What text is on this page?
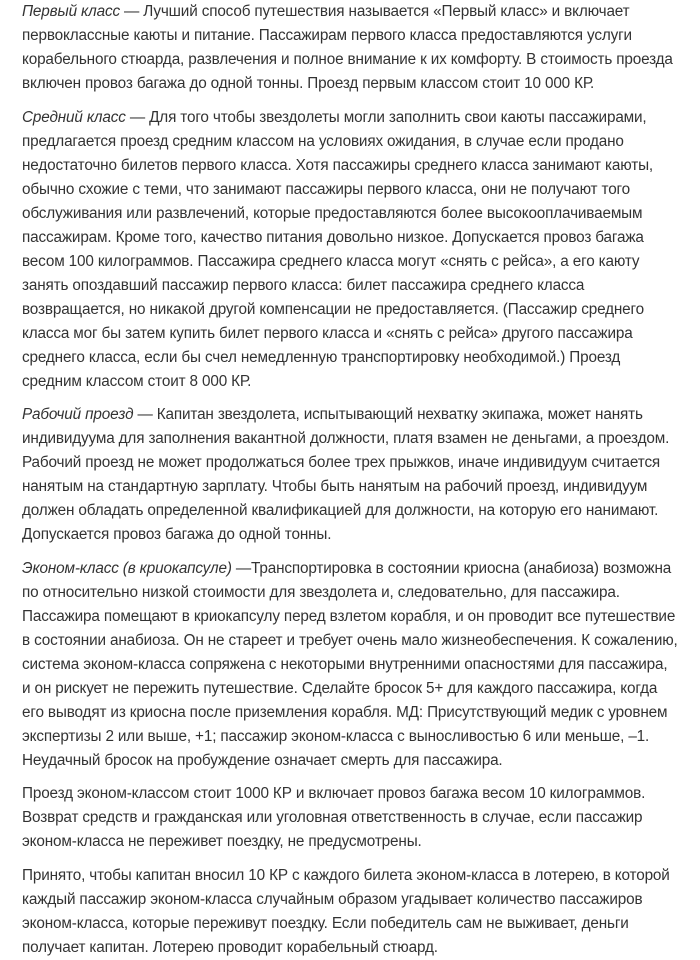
Первый класс — Лучший способ путешествия называется «Первый класс» и включает первоклассные каюты и питание. Пассажирам первого класса предоставляются услуги корабельного стюарда, развлечения и полное внимание к их комфорту. В стоимость проезда включен провоз багажа до одной тонны. Проезд первым классом стоит 10 000 КР.

Средний класс — Для того чтобы звездолеты могли заполнить свои каюты пассажирами, предлагается проезд средним классом на условиях ожидания, в случае если продано недостаточно билетов первого класса. Хотя пассажиры среднего класса занимают каюты, обычно схожие с теми, что занимают пассажиры первого класса, они не получают того обслуживания или развлечений, которые предоставляются более высокооплачиваемым пассажирам. Кроме того, качество питания довольно низкое. Допускается провоз багажа весом 100 килограммов. Пассажира среднего класса могут «снять с рейса», а его каюту занять опоздавший пассажир первого класса: билет пассажира среднего класса возвращается, но никакой другой компенсации не предоставляется. (Пассажир среднего класса мог бы затем купить билет первого класса и «снять с рейса» другого пассажира среднего класса, если бы счел немедленную транспортировку необходимой.) Проезд средним классом стоит 8 000 КР.

Рабочий проезд — Капитан звездолета, испытывающий нехватку экипажа, может нанять индивидуума для заполнения вакантной должности, платя взамен не деньгами, а проездом. Рабочий проезд не может продолжаться более трех прыжков, иначе индивидуум считается нанятым на стандартную зарплату. Чтобы быть нанятым на рабочий проезд, индивидуум должен обладать определенной квалификацией для должности, на которую его нанимают. Допускается провоз багажа до одной тонны.

Эконом-класс (в криокапсуле) —Транспортировка в состоянии криосна (анабиоза) возможна по относительно низкой стоимости для звездолета и, следовательно, для пассажира. Пассажира помещают в криокапсулу перед взлетом корабля, и он проводит все путешествие в состоянии анабиоза. Он не стареет и требует очень мало жизнеобеспечения. К сожалению, система эконом-класса сопряжена с некоторыми внутренними опасностями для пассажира, и он рискует не пережить путешествие. Сделайте бросок 5+ для каждого пассажира, когда его выводят из криосна после приземления корабля. МД: Присутствующий медик с уровнем экспертизы 2 или выше, +1; пассажир эконом-класса с выносливостью 6 или меньше, –1. Неудачный бросок на пробуждение означает смерть для пассажира.

Проезд эконом-классом стоит 1000 КР и включает провоз багажа весом 10 килограммов. Возврат средств и гражданская или уголовная ответственность в случае, если пассажир эконом-класса не переживет поездку, не предусмотрены.

Принято, чтобы капитан вносил 10 КР с каждого билета эконом-класса в лотерею, в которой каждый пассажир эконом-класса случайным образом угадывает количество пассажиров эконом-класса, которые переживут поездку. Если победитель сам не выживает, деньги получает капитан. Лотерею проводит корабельный стюард.
